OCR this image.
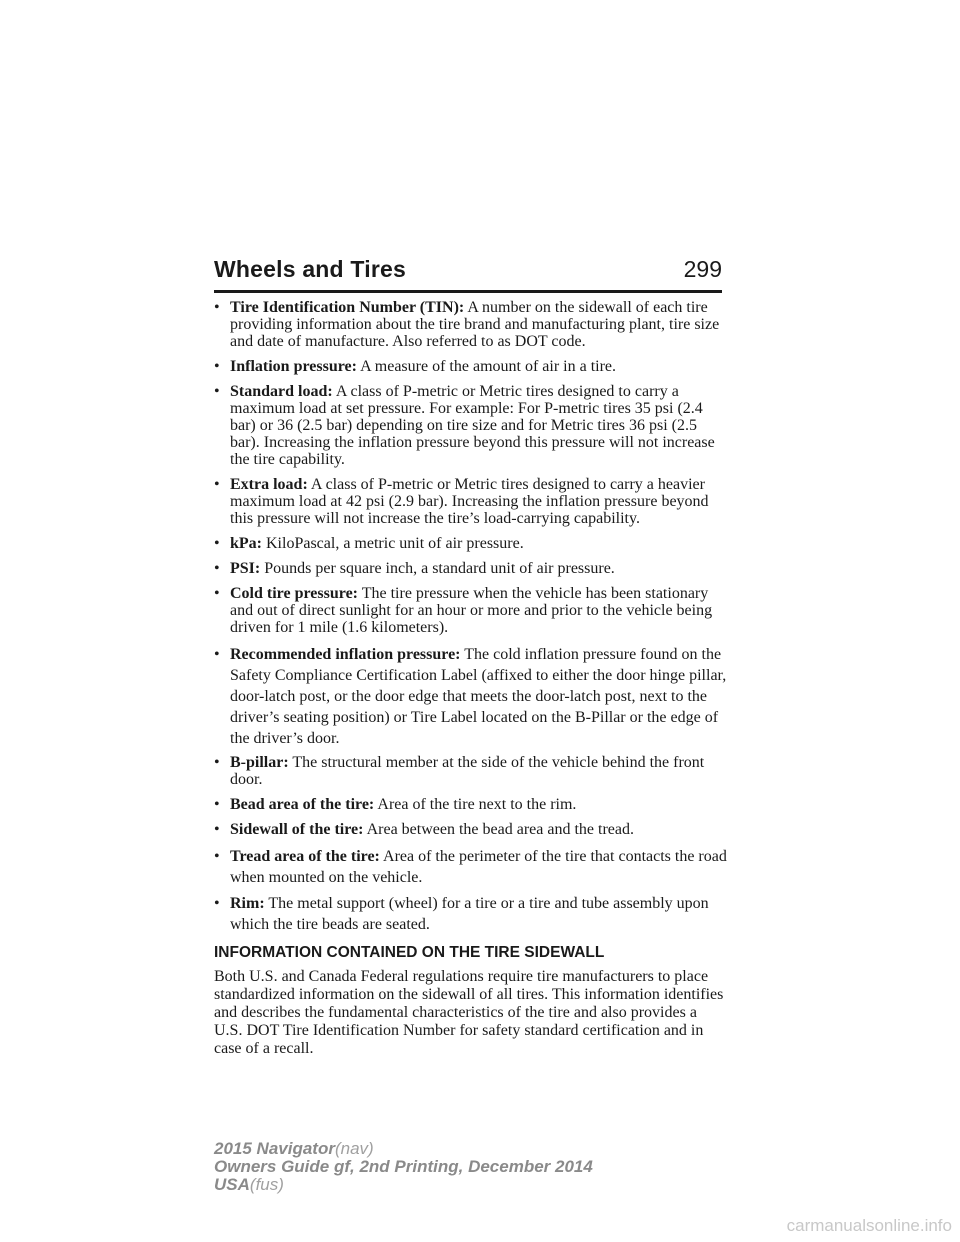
Wheels and Tires	299
• Tire Identification Number (TIN): A number on the sidewall of each tire providing information about the tire brand and manufacturing plant, tire size and date of manufacture. Also referred to as DOT code.
• Inflation pressure: A measure of the amount of air in a tire.
• Standard load: A class of P-metric or Metric tires designed to carry a maximum load at set pressure. For example: For P-metric tires 35 psi (2.4 bar) or 36 (2.5 bar) depending on tire size and for Metric tires 36 psi (2.5 bar). Increasing the inflation pressure beyond this pressure will not increase the tire capability.
• Extra load: A class of P-metric or Metric tires designed to carry a heavier maximum load at 42 psi (2.9 bar). Increasing the inflation pressure beyond this pressure will not increase the tire’s load-carrying capability.
• kPa: KiloPascal, a metric unit of air pressure.
• PSI: Pounds per square inch, a standard unit of air pressure.
• Cold tire pressure: The tire pressure when the vehicle has been stationary and out of direct sunlight for an hour or more and prior to the vehicle being driven for 1 mile (1.6 kilometers).
• Recommended inflation pressure: The cold inflation pressure found on the Safety Compliance Certification Label (affixed to either the door hinge pillar, door-latch post, or the door edge that meets the door-latch post, next to the driver’s seating position) or Tire Label located on the B-Pillar or the edge of the driver’s door.
• B-pillar: The structural member at the side of the vehicle behind the front door.
• Bead area of the tire: Area of the tire next to the rim.
• Sidewall of the tire: Area between the bead area and the tread.
• Tread area of the tire: Area of the perimeter of the tire that contacts the road when mounted on the vehicle.
• Rim: The metal support (wheel) for a tire or a tire and tube assembly upon which the tire beads are seated.
INFORMATION CONTAINED ON THE TIRE SIDEWALL

Both U.S. and Canada Federal regulations require tire manufacturers to place standardized information on the sidewall of all tires. This information identifies and describes the fundamental characteristics of the tire and also provides a U.S. DOT Tire Identification Number for safety standard certification and in case of a recall.

2015 Navigator(nav)
Owners Guide gf, 2nd Printing, December 2014
USA(fus)
carmanualsonline.info
